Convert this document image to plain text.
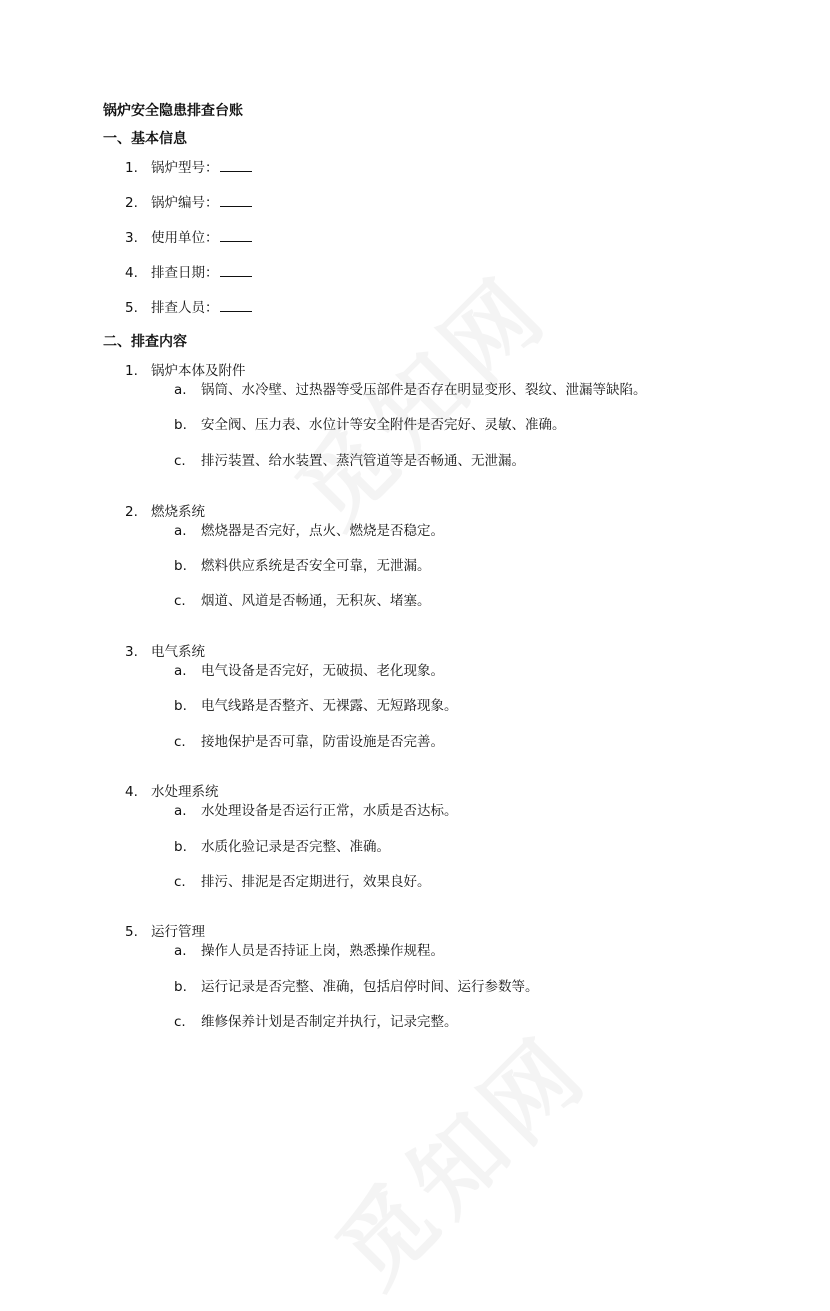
锅炉安全隐患排查台账
一、基本信息
1. 锅炉型号：
2. 锅炉编号：
3. 使用单位：
4. 排查日期：
5. 排查人员：
二、排查内容
1. 锅炉本体及附件
a. 锅筒、水冷壁、过热器等受压部件是否存在明显变形、裂纹、泄漏等缺陷。
b. 安全阀、压力表、水位计等安全附件是否完好、灵敏、准确。
c. 排污装置、给水装置、蒸汽管道等是否畅通、无泄漏。
2. 燃烧系统
a. 燃烧器是否完好，点火、燃烧是否稳定。
b. 燃料供应系统是否安全可靠，无泄漏。
c. 烟道、风道是否畅通，无积灰、堵塞。
3. 电气系统
a. 电气设备是否完好，无破损、老化现象。
b. 电气线路是否整齐、无裸露、无短路现象。
c. 接地保护是否可靠，防雷设施是否完善。
4. 水处理系统
a. 水处理设备是否运行正常，水质是否达标。
b. 水质化验记录是否完整、准确。
c. 排污、排泥是否定期进行，效果良好。
5. 运行管理
a. 操作人员是否持证上岗，熟悉操作规程。
b. 运行记录是否完整、准确，包括启停时间、运行参数等。
c. 维修保养计划是否制定并执行，记录完整。
